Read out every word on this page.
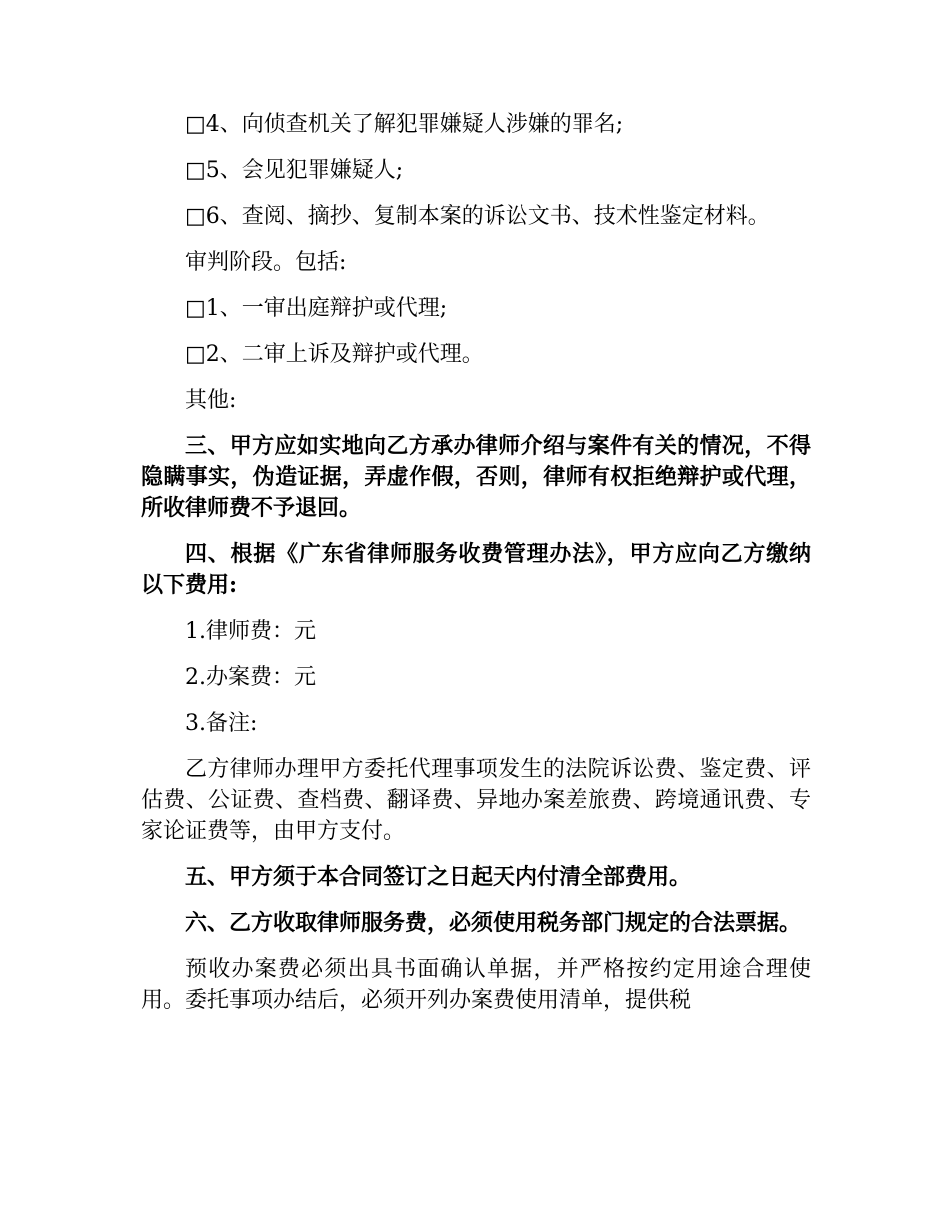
□4、向侦查机关了解犯罪嫌疑人涉嫌的罪名;

□5、会见犯罪嫌疑人;

□6、查阅、摘抄、复制本案的诉讼文书、技术性鉴定材料。

审判阶段。包括:

□1、一审出庭辩护或代理;

□2、二审上诉及辩护或代理。

其他:

三、甲方应如实地向乙方承办律师介绍与案件有关的情况，不得隐瞒事实，伪造证据，弄虚作假，否则，律师有权拒绝辩护或代理，所收律师费不予退回。

四、根据《广东省律师服务收费管理办法》，甲方应向乙方缴纳以下费用:

1.律师费：元

2.办案费：元

3.备注:

乙方律师办理甲方委托代理事项发生的法院诉讼费、鉴定费、评估费、公证费、查档费、翻译费、异地办案差旅费、跨境通讯费、专家论证费等，由甲方支付。

五、甲方须于本合同签订之日起天内付清全部费用。

六、乙方收取律师服务费，必须使用税务部门规定的合法票据。

预收办案费必须出具书面确认单据，并严格按约定用途合理使用。委托事项办结后，必须开列办案费使用清单，提供税
